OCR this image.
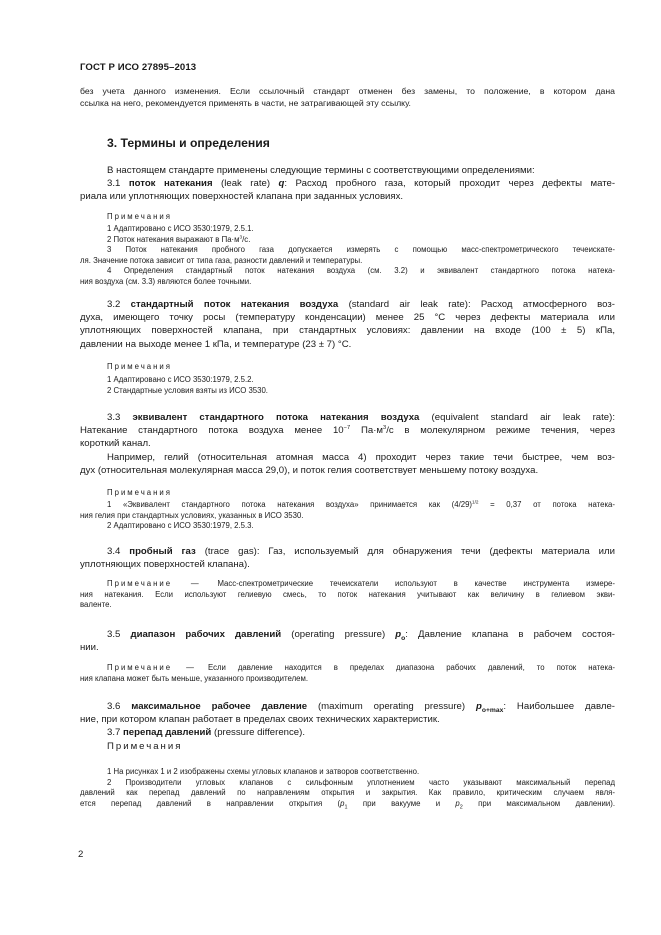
ГОСТ Р ИСО 27895–2013
без учета данного изменения. Если ссылочный стандарт отменен без замены, то положение, в котором дана
ссылка на него, рекомендуется применять в части, не затрагивающей эту ссылку.
3. Термины и определения
В настоящем стандарте применены следующие термины с соответствующими определениями:
3.1 поток натекания (leak rate) q: Расход пробного газа, который проходит через дефекты мате-
риала или уплотняющих поверхностей клапана при заданных условиях.
Примечания
1 Адаптировано с ИСО 3530:1979, 2.5.1.
2 Поток натекания выражают в $Па\cdot м^3/с$.
3 Поток натекания пробного газа допускается измерять с помощью масс-спектрометрического течеискате-
ля. Значение потока зависит от типа газа, разности давлений и температуры.
4 Определения стандартный поток натекания воздуха (см. 3.2) и эквивалент стандартного потока натека-
ния воздуха (см. 3.3) являются более точными.
3.2 стандартный поток натекания воздуха (standard air leak rate): Расход атмосферного воз-
духа, имеющего точку росы (температуру конденсации) менее 25 °С через дефекты материала или
уплотняющих поверхностей клапана, при стандартных условиях: давлении на входе (100 ± 5) кПа,
давлении на выходе менее 1 кПа, и температуре (23 ± 7) °С.
Примечания
1 Адаптировано с ИСО 3530:1979, 2.5.2.
2 Стандартные условия взяты из ИСО 3530.
3.3 эквивалент стандартного потока натекания воздуха (equivalent standard air leak rate):
Натекание стандартного потока воздуха менее $10^{-7}$ $Па\cdot м^3/с$ в молекулярном режиме течения, через
короткий канал.
Например, гелий (относительная атомная масса 4) проходит через такие течи быстрее, чем воз-
дух (относительная молекулярная масса 29,0), и поток гелия соответствует меньшему потоку воздуха.
Примечания
1 «Эквивалент стандартного потока натекания воздуха» принимается как $(4/29)^{1/2} = 0,37$ от потока натека-
ния гелия при стандартных условиях, указанных в ИСО 3530.
2 Адаптировано с ИСО 3530:1979, 2.5.3.
3.4 пробный газ (trace gas): Газ, используемый для обнаружения течи (дефекты материала или
уплотняющих поверхностей клапана).
Примечание — Масс-спектрометрические течеискатели используют в качестве инструмента измере-
ния натекания. Если используют гелиевую смесь, то поток натекания учитывают как величину в гелиевом экви-
валенте.
3.5 диапазон рабочих давлений (operating pressure) $p_o$: Давление клапана в рабочем состоя-
нии.
Примечание — Если давление находится в пределах диапазона рабочих давлений, то поток натека-
ния клапана может быть меньше, указанного производителем.
3.6 максимальное рабочее давление (maximum operating pressure) $p_{o+max}$: Наибольшее давле-
ние, при котором клапан работает в пределах своих технических характеристик.
3.7 перепад давлений (pressure difference).
Примечания
1 На рисунках 1 и 2 изображены схемы угловых клапанов и затворов соответственно.
2 Производители угловых клапанов с сильфонным уплотнением часто указывают максимальный перепад
давлений как перепад давлений по направлениям открытия и закрытия. Как правило, критическим случаем явля-
ется перепад давлений в направлении открытия ($p_1$ при вакууме и $p_2$ при максимальном давлении).
2
